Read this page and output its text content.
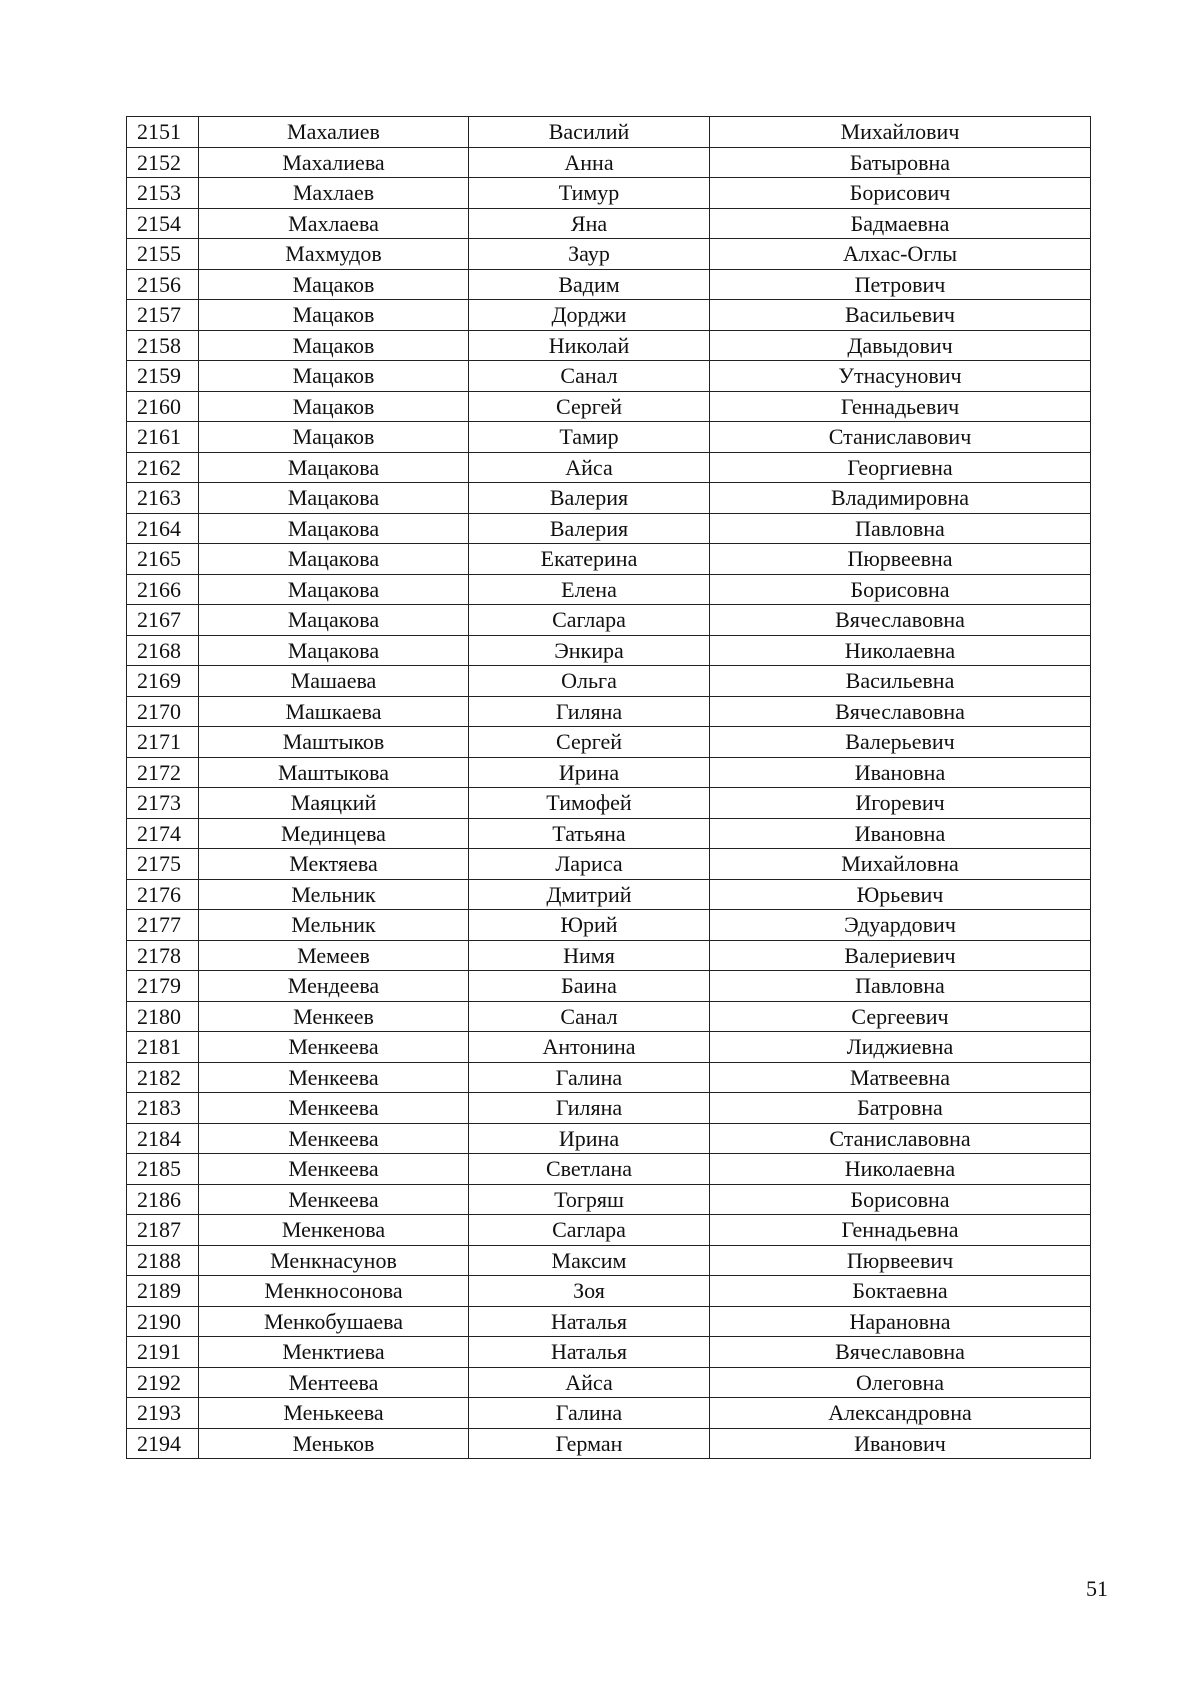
2151	Махалиев	Василий	Михайлович
2152	Махалиева	Анна	Батыровна
2153	Махлаев	Тимур	Борисович
2154	Махлаева	Яна	Бадмаевна
2155	Махмудов	Заур	Алхас-Оглы
2156	Мацаков	Вадим	Петрович
2157	Мацаков	Дорджи	Васильевич
2158	Мацаков	Николай	Давыдович
2159	Мацаков	Санал	Утнасунович
2160	Мацаков	Сергей	Геннадьевич
2161	Мацаков	Тамир	Станиславович
2162	Мацакова	Айса	Георгиевна
2163	Мацакова	Валерия	Владимировна
2164	Мацакова	Валерия	Павловна
2165	Мацакова	Екатерина	Пюрвеевна
2166	Мацакова	Елена	Борисовна
2167	Мацакова	Саглара	Вячеславовна
2168	Мацакова	Энкира	Николаевна
2169	Машаева	Ольга	Васильевна
2170	Машкаева	Гиляна	Вячеславовна
2171	Маштыков	Сергей	Валерьевич
2172	Маштыкова	Ирина	Ивановна
2173	Маяцкий	Тимофей	Игоревич
2174	Мединцева	Татьяна	Ивановна
2175	Мектяева	Лариса	Михайловна
2176	Мельник	Дмитрий	Юрьевич
2177	Мельник	Юрий	Эдуардович
2178	Мемеев	Нимя	Валериевич
2179	Мендеева	Баина	Павловна
2180	Менкеев	Санал	Сергеевич
2181	Менкеева	Антонина	Лиджиевна
2182	Менкеева	Галина	Матвеевна
2183	Менкеева	Гиляна	Батровна
2184	Менкеева	Ирина	Станиславовна
2185	Менкеева	Светлана	Николаевна
2186	Менкеева	Тогряш	Борисовна
2187	Менкенова	Саглара	Геннадьевна
2188	Менкнасунов	Максим	Пюрвеевич
2189	Менкносонова	Зоя	Боктаевна
2190	Менкобушаева	Наталья	Нарановна
2191	Менктиева	Наталья	Вячеславовна
2192	Ментеева	Айса	Олеговна
2193	Менькеева	Галина	Александровна
2194	Меньков	Герман	Иванович
51
